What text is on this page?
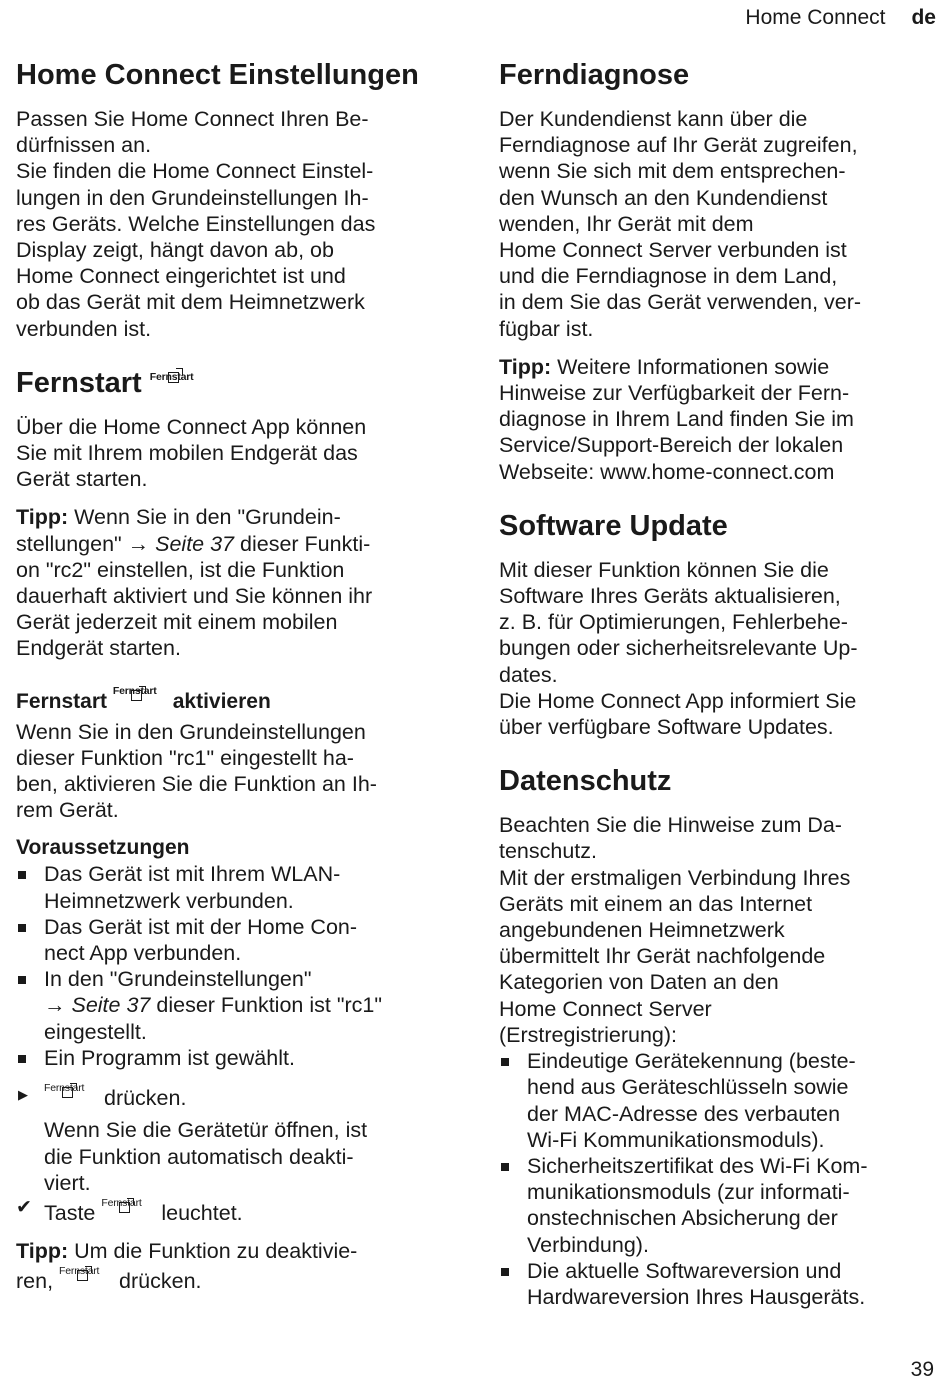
Home Connect de
Home Connect Einstellungen
Passen Sie Home Connect Ihren Be-
dürfnissen an.
Sie finden die Home Connect Einstel-
lungen in den Grundeinstellungen Ih-
res Geräts. Welche Einstellungen das
Display zeigt, hängt davon ab, ob
Home Connect eingerichtet ist und
ob das Gerät mit dem Heimnetzwerk
verbunden ist.
Fernstart Fernstart
Über die Home Connect App können
Sie mit Ihrem mobilen Endgerät das
Gerät starten.
Tipp: Wenn Sie in den "Grundein-
stellungen" → Seite 37 dieser Funkti-
on "rc2" einstellen, ist die Funktion
dauerhaft aktiviert und Sie können ihr
Gerät jederzeit mit einem mobilen
Endgerät starten.
Fernstart Fernstart aktivieren
Wenn Sie in den Grundeinstellungen
dieser Funktion "rc1" eingestellt ha-
ben, aktivieren Sie die Funktion an Ih-
rem Gerät.
Voraussetzungen
Das Gerät ist mit Ihrem WLAN-
Heimnetzwerk verbunden.
Das Gerät ist mit der Home Con-
nect App verbunden.
In den "Grundeinstellungen"
→ Seite 37 dieser Funktion ist "rc1"
eingestellt.
Ein Programm ist gewählt.
▶ Fernstart drücken.
Wenn Sie die Gerätetür öffnen, ist
die Funktion automatisch deakti-
viert.
✔ Taste Fernstart leuchtet.
Tipp: Um die Funktion zu deaktivie-
ren, Fernstart drücken.
Ferndiagnose
Der Kundendienst kann über die
Ferndiagnose auf Ihr Gerät zugreifen,
wenn Sie sich mit dem entsprechen-
den Wunsch an den Kundendienst
wenden, Ihr Gerät mit dem
Home Connect Server verbunden ist
und die Ferndiagnose in dem Land,
in dem Sie das Gerät verwenden, ver-
fügbar ist.
Tipp: Weitere Informationen sowie
Hinweise zur Verfügbarkeit der Fern-
diagnose in Ihrem Land finden Sie im
Service/Support-Bereich der lokalen
Webseite: www.home-connect.com
Software Update
Mit dieser Funktion können Sie die
Software Ihres Geräts aktualisieren,
z. B. für Optimierungen, Fehlerbehe-
bungen oder sicherheitsrelevante Up-
dates.
Die Home Connect App informiert Sie
über verfügbare Software Updates.
Datenschutz
Beachten Sie die Hinweise zum Da-
tenschutz.
Mit der erstmaligen Verbindung Ihres
Geräts mit einem an das Internet
angebundenen Heimnetzwerk
übermittelt Ihr Gerät nachfolgende
Kategorien von Daten an den
Home Connect Server
(Erstregistrierung):
Eindeutige Gerätekennung (beste-
hend aus Geräteschlüsseln sowie
der MAC-Adresse des verbauten
Wi-Fi Kommunikationsmoduls).
Sicherheitszertifikat des Wi-Fi Kom-
munikationsmoduls (zur informati-
onstechnischen Absicherung der
Verbindung).
Die aktuelle Softwareversion und
Hardwareversion Ihres Hausgeräts.
39
